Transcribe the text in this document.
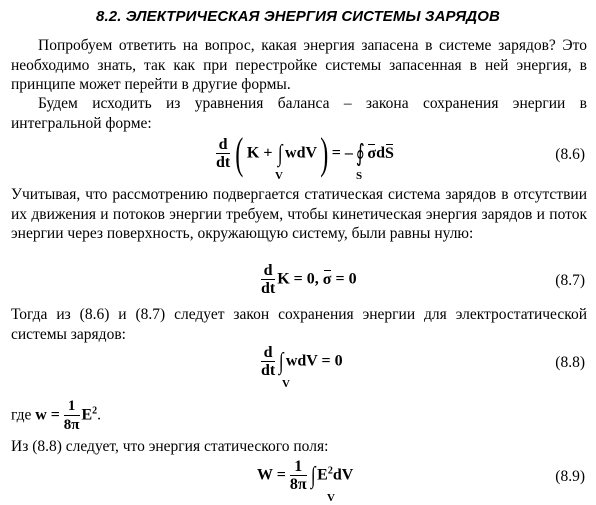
8.2. ЭЛЕКТРИЧЕСКАЯ ЭНЕРГИЯ СИСТЕМЫ ЗАРЯДОВ
Попробуем ответить на вопрос, какая энергия запасена в системе зарядов? Это необходимо знать, так как при перестройке системы запасенная в ней энергия, в принципе может перейти в другие формы.
Будем исходить из уравнения баланса – закона сохранения энергии в интегральной форме:
$\frac{d}{dt}$ ( K + ∫ wdV) = – ∮ σdS
V	S
(8.6)
Учитывая, что рассмотрению подвергается статическая система зарядов в отсутствии их движения и потоков энергии требуем, чтобы кинетическая энергия зарядов и поток энергии через поверхность, окружающую систему, были равны нулю:
$\frac{d}{dt}$ K = 0, σ = 0	(8.7)
Тогда из (8.6) и (8.7) следует закон сохранения энергии для электростатической системы зарядов:
$\frac{d}{dt}$ ∫ wdV = 0
V
(8.8)
где $w = \frac{1}{8\pi} E^2$.
Из (8.8) следует, что энергия статического поля:
$W = \frac{1}{8\pi}$ ∫ $E^2dV$
V
(8.9)
